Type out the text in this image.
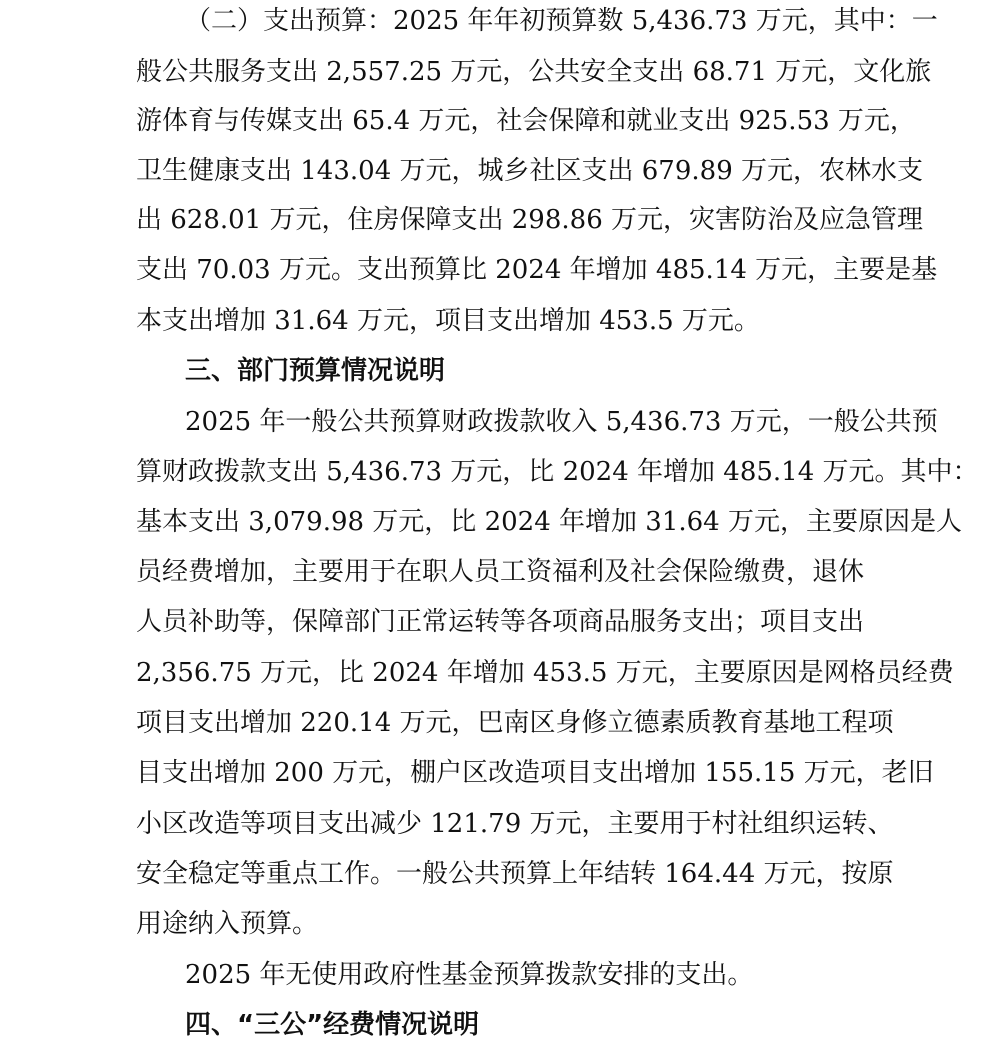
（二）支出预算：2025 年年初预算数 5,436.73 万元，其中：一
般公共服务支出 2,557.25 万元，公共安全支出 68.71 万元，文化旅
游体育与传媒支出 65.4 万元，社会保障和就业支出 925.53 万元，
卫生健康支出 143.04 万元，城乡社区支出 679.89 万元，农林水支
出 628.01 万元，住房保障支出 298.86 万元，灾害防治及应急管理
支出 70.03 万元。支出预算比 2024 年增加 485.14 万元，主要是基
本支出增加 31.64 万元，项目支出增加 453.5 万元。
三、部门预算情况说明
2025 年一般公共预算财政拨款收入 5,436.73 万元，一般公共预
算财政拨款支出 5,436.73 万元，比 2024 年增加 485.14 万元。其中：
基本支出 3,079.98 万元，比 2024 年增加 31.64 万元，主要原因是人
员经费增加，主要用于在职人员工资福利及社会保险缴费，退休
人员补助等，保障部门正常运转等各项商品服务支出；项目支出
2,356.75 万元，比 2024 年增加 453.5 万元，主要原因是网格员经费
项目支出增加 220.14 万元，巴南区身修立德素质教育基地工程项
目支出增加 200 万元，棚户区改造项目支出增加 155.15 万元，老旧
小区改造等项目支出减少 121.79 万元，主要用于村社组织运转、
安全稳定等重点工作。一般公共预算上年结转 164.44 万元，按原
用途纳入预算。
2025 年无使用政府性基金预算拨款安排的支出。
四、“三公”经费情况说明
